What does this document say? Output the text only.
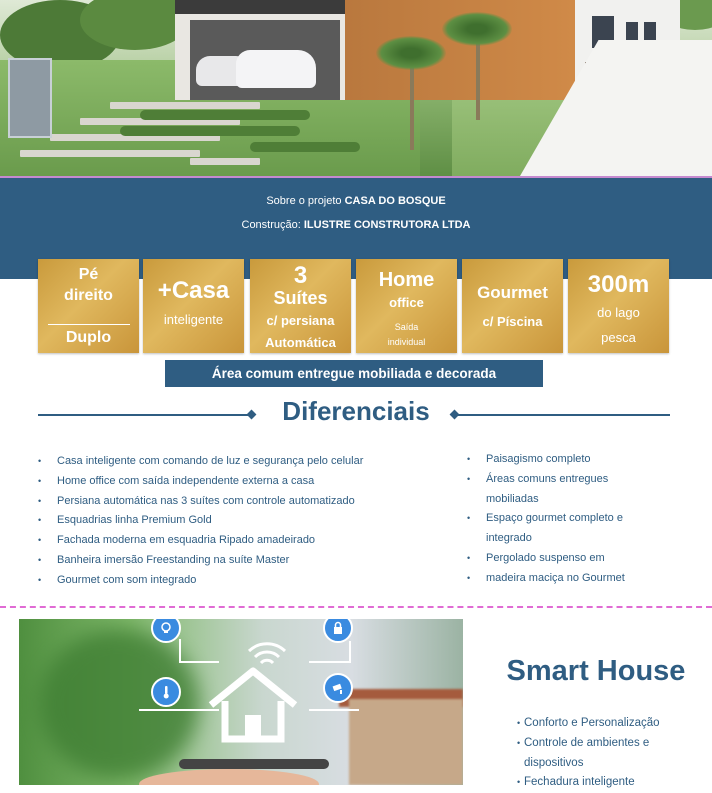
Sobre o projeto CASA DO BOSQUE
Construção: ILUSTRE CONSTRUTORA LTDA
Pé
direito
Duplo
+Casa
inteligente
3
Suítes
c/ persiana
Automática
Home
office
Saída
individual
Gourmet
c/ Píscina
300m
do lago
pesca
Área comum entregue mobiliada e decorada
Diferenciais
• Casa inteligente com comando de luz e segurança pelo celular
• Home office com saída independente externa a casa
• Persiana automática nas 3 suítes com controle automatizado
• Esquadrias linha Premium Gold
• Fachada moderna em esquadria Ripado amadeirado
• Banheira imersão Freestanding na suíte Master
• Gourmet com som integrado
• Paisagismo completo
• Áreas comuns entregues
mobiliadas
• Espaço gourmet completo e
integrado
• Pergolado suspenso em
• madeira maciça no Gourmet
Smart House
• Conforto e Personalização
• Controle de ambientes e
dispositivos
• Fechadura inteligente
